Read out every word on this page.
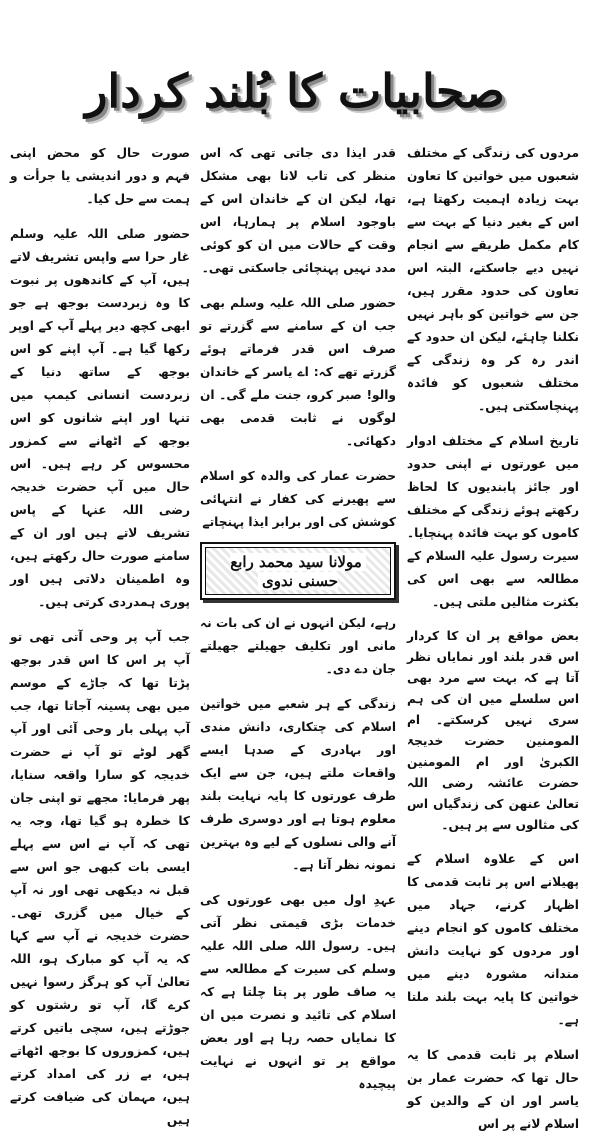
صحابیات کا بُلند کردار

مردوں کی زندگی کے مختلف شعبوں میں خواتین کا تعاون بہت زیادہ اہمیت رکھتا ہے، اس کے بغیر دنیا کے بہت سے کام مکمل طریقے سے انجام نہیں دیے جاسکتے، البتہ اس تعاون کی حدود مقرر ہیں، جن سے خواتین کو باہر نہیں نکلنا چاہئے، لیکن ان حدود کے اندر رہ کر وہ زندگی کے مختلف شعبوں کو فائدہ پہنچاسکتی ہیں۔

تاریخ اسلام کے مختلف ادوار میں عورتوں نے اپنی حدود اور جائز پابندیوں کا لحاظ رکھتے ہوئے زندگی کے مختلف کاموں کو بہت فائدہ پہنچایا۔ سیرت رسول علیہ السلام کے مطالعہ سے بھی اس کی بکثرت مثالیں ملتی ہیں۔

بعض مواقع پر ان کا کردار اس قدر بلند اور نمایاں نظر آتا ہے کہ بہت سے مرد بھی اس سلسلے میں ان کی ہم سری نہیں کرسکتے۔ ام المومنین حضرت خدیجۃ الکبریٰ اور ام المومنین حضرت عائشہ رضی اللہ تعالیٰ عنھن کی زندگیاں اس کی مثالوں سے پر ہیں۔

اس کے علاوہ اسلام کے پھیلانے اس پر ثابت قدمی کا اظہار کرنے، جہاد میں مختلف کاموں کو انجام دینے اور مردوں کو نہایت دانش مندانہ مشورہ دینے میں خواتین کا پایہ بہت بلند ملتا ہے۔

اسلام پر ثابت قدمی کا یہ حال تھا کہ حضرت عمار بن یاسر اور ان کے والدین کو اسلام لانے پر اس

قدر ایذا دی جاتی تھی کہ اس منظر کی تاب لانا بھی مشکل تھا، لیکن ان کے خاندان اس کے باوجود اسلام پر ہمارہا، اس وقت کے حالات میں ان کو کوئی مدد نہیں پہنچائی جاسکتی تھی۔

حضور صلی اللہ علیہ وسلم بھی جب ان کے سامنے سے گزرتے تو صرف اس قدر فرماتے ہوئے گزرتے تھے کہ: اے یاسر کے خاندان والو! صبر کرو، جنت ملے گی۔ ان لوگوں نے ثابت قدمی بھی دکھائی۔

حضرت عمار کی والدہ کو اسلام سے پھیرنے کی کفار نے انتہائی کوشش کی اور برابر ایذا پہنچاتے

مولانا سید محمد رابع حسنی ندوی

رہے، لیکن انہوں نے ان کی بات نہ مانی اور تکلیف جھیلتے جھیلتے جان دے دی۔

زندگی کے ہر شعبے میں خواتین اسلام کی چتکاری، دانش مندی اور بہادری کے صدہا ایسے واقعات ملتے ہیں، جن سے ایک طرف عورتوں کا پایہ نہایت بلند معلوم ہوتا ہے اور دوسری طرف آنے والی نسلوں کے لیے وہ بہترین نمونہ نظر آتا ہے۔

عہدِ اول میں بھی عورتوں کی خدمات بڑی قیمتی نظر آتی ہیں۔ رسول اللہ صلی اللہ علیہ وسلم کی سیرت کے مطالعہ سے یہ صاف طور پر پتا چلتا ہے کہ اسلام کی تائید و نصرت میں ان کا نمایاں حصہ رہا ہے اور بعض مواقع پر تو انہوں نے نہایت پیچیدہ

صورت حال کو محض اپنی فہم و دور اندیشی یا جرأت و ہمت سے حل کیا۔

حضور صلی اللہ علیہ وسلم غار حرا سے واپس تشریف لاتے ہیں، آپ کے کاندھوں پر نبوت کا وہ زبردست بوجھ ہے جو ابھی کچھ دیر پہلے آپ کے اوپر رکھا گیا ہے۔ آپ اپنے کو اس بوجھ کے ساتھ دنیا کے زبردست انسانی کیمپ میں تنہا اور اپنے شانوں کو اس بوجھ کے اٹھانے سے کمزور محسوس کر رہے ہیں۔ اس حال میں آپ حضرت خدیجہ رضی اللہ عنہا کے پاس تشریف لاتے ہیں اور ان کے سامنے صورت حال رکھتے ہیں، وہ اطمینان دلاتی ہیں اور پوری ہمدردی کرتی ہیں۔

جب آپ پر وحی آتی تھی تو آپ پر اس کا اس قدر بوجھ پڑتا تھا کہ جاڑے کے موسم میں بھی پسینہ آجاتا تھا، جب آپ پہلی بار وحی آئی اور آپ گھر لوٹے تو آپ نے حضرت خدیجہ کو سارا واقعہ سنایا، پھر فرمایا: مجھے تو اپنی جان کا خطرہ ہو گیا تھا، وجہ یہ تھی کہ آپ نے اس سے پہلے ایسی بات کبھی جو اس سے قبل نہ دیکھی تھی اور نہ آپ کے خیال میں گزری تھی۔ حضرت خدیجہ نے آپ سے کہا کہ یہ آپ کو مبارک ہو، اللہ تعالیٰ آپ کو ہرگز رسوا نہیں کرے گا، آپ تو رشتوں کو جوڑتے ہیں، سچی باتیں کرتے ہیں، کمزوروں کا بوجھ اٹھاتے ہیں، بے زر کی امداد کرتے ہیں، مہمان کی ضیافت کرتے ہیں
